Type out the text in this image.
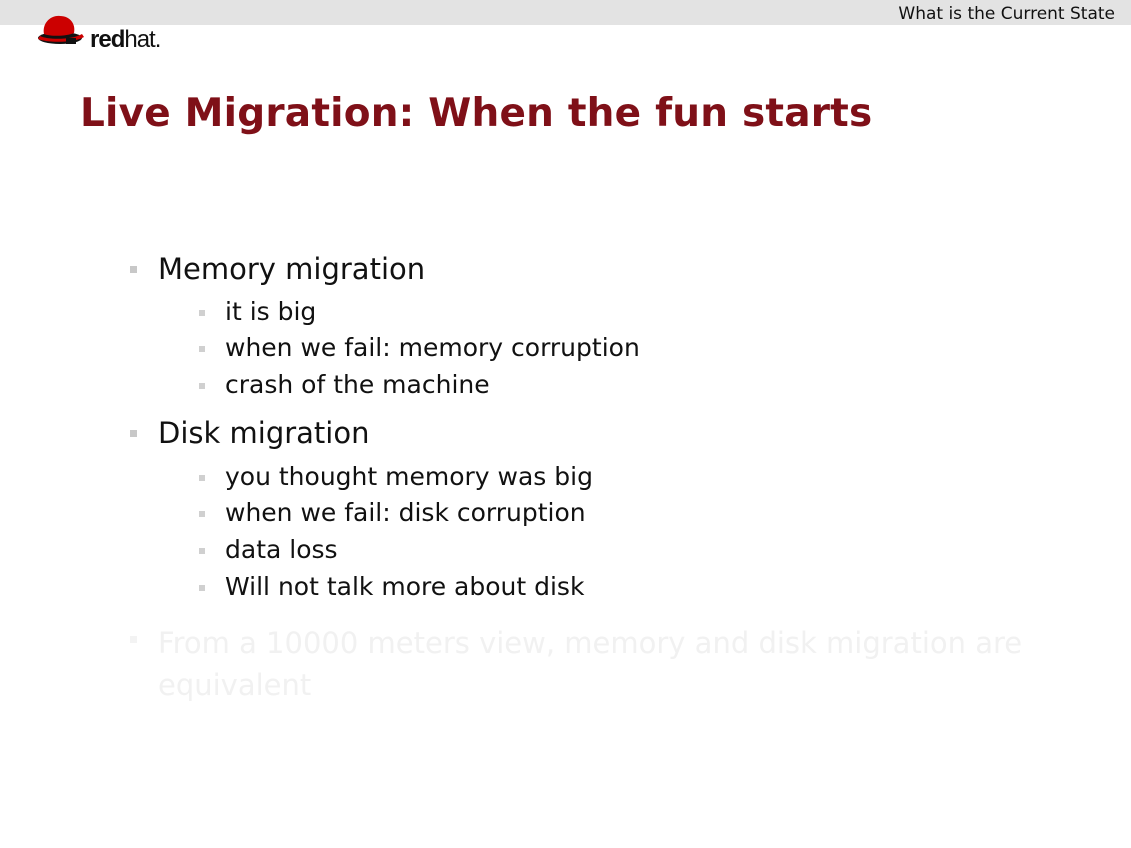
What is the Current State
redhat.
Live Migration: When the fun starts
Memory migration
it is big
when we fail: memory corruption
crash of the machine
Disk migration
you thought memory was big
when we fail: disk corruption
data loss
Will not talk more about disk
From a 10000 meters view, memory and disk migration are equivalent
